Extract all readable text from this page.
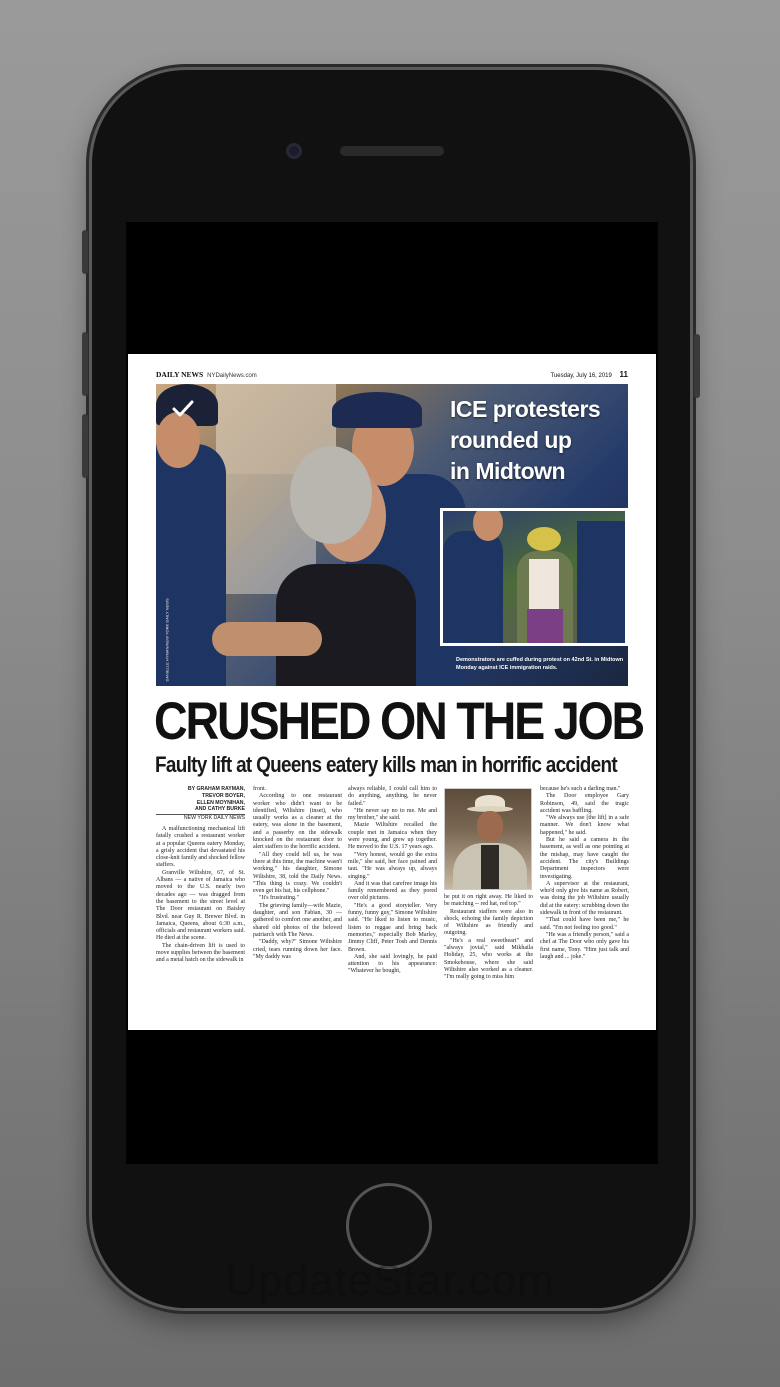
DAILY NEWS NYDailyNews.com	Tuesday, July 16, 2019 11
ICE protesters
rounded up
in Midtown
DANIELLE HYMAN/NEW YORK DAILY NEWS	Demonstrators are cuffed during protest on 42nd St. in Midtown Monday against ICE immigration raids.
CRUSHED ON THE JOB
Faulty lift at Queens eatery kills man in horrific accident
BY GRAHAM RAYMAN,
TREVOR BOYER,
ELLEN MOYNIHAN,
AND CATHY BURKE
NEW YORK DAILY NEWS

A malfunctioning mechanical lift fatally crushed a restaurant worker at a popular Queens eatery Monday, a grisly accident that devastated his close-knit family and shocked fellow staffers.

Granville Wiltshire, 67, of St. Albans — a native of Jamaica who moved to the U.S. nearly two decades ago — was dragged from the basement to the street level at The Door restaurant on Baisley Blvd. near Guy R. Brewer Blvd. in Jamaica, Queens, about 6:30 a.m., officials and restaurant workers said. He died at the scene.

The chain-driven lift is used to move supplies between the basement and a metal hatch on the sidewalk in

front.

According to one restaurant worker who didn't want to be identified, Wiltshire (inset), who usually works as a cleaner at the eatery, was alone in the basement, and a passerby on the sidewalk knocked on the restaurant door to alert staffers to the horrific accident.

"All they could tell us, he was there at this time, the machine wasn't working," his daughter, Simone Wiltshire, 38, told the Daily News. "This thing is crazy. We couldn't even get his hat, his cellphone."

"It's frustrating."

The grieving family—wife Mazie, daughter, and son Fabian, 30 —gathered to comfort one another, and shared old photos of the beloved patriarch with The News.

"Daddy, why?" Simone Wiltshire cried, tears running down her face. "My daddy was

always reliable, I could call him to do anything, anything, he never failed."

"He never say no to me. Me and my brother," she said.

Mazie Wiltshire recalled the couple met in Jamaica when they were young, and grew up together. He moved to the U.S. 17 years ago.

"Very honest, would go the extra mile," she said, her face pained and taut. "He was always up, always singing."

And it was that carefree image his family remembered as they pored over old pictures.

"He's a good storyteller. Very funny, funny guy," Simone Wiltshire said. "He liked to listen to music, listen to reggae and bring back memories," especially Bob Marley, Jimmy Cliff, Peter Tosh and Dennis Brown.

And, she said lovingly, he paid attention to his appearance: "Whatever he bought,

he put it on right away. He liked to be matching -- red hat, red top."

Restaurant staffers were also in shock, echoing the family depiction of Wiltshire as friendly and outgoing.

"He's a real sweetheart" and "always jovial," said Mikhaila Holiday, 25, who works at the Smokehouse, where she said Wiltshire also worked as a cleaner. "I'm really going to miss him

because he's such a darling man."

The Door employee Gary Robinson, 49, said the tragic accident was baffling.

"We always use [the lift] in a safe manner. We don't know what happened," he said.

But he said a camera in the basement, as well as one pointing at the mishap, may have caught the accident. The city's Buildings Department inspectors were investigating.

A supervisor at the restaurant, who'd only give his name as Robert, was doing the job Wiltshire usually did at the eatery: scrubbing down the sidewalk in front of the restaurant.

"That could have been me," he said. "I'm not feeling too good."

"He was a friendly person," said a chef at The Door who only gave his first name, Tony. "Him just talk and laugh and ... joke."

UpdateStar.com
